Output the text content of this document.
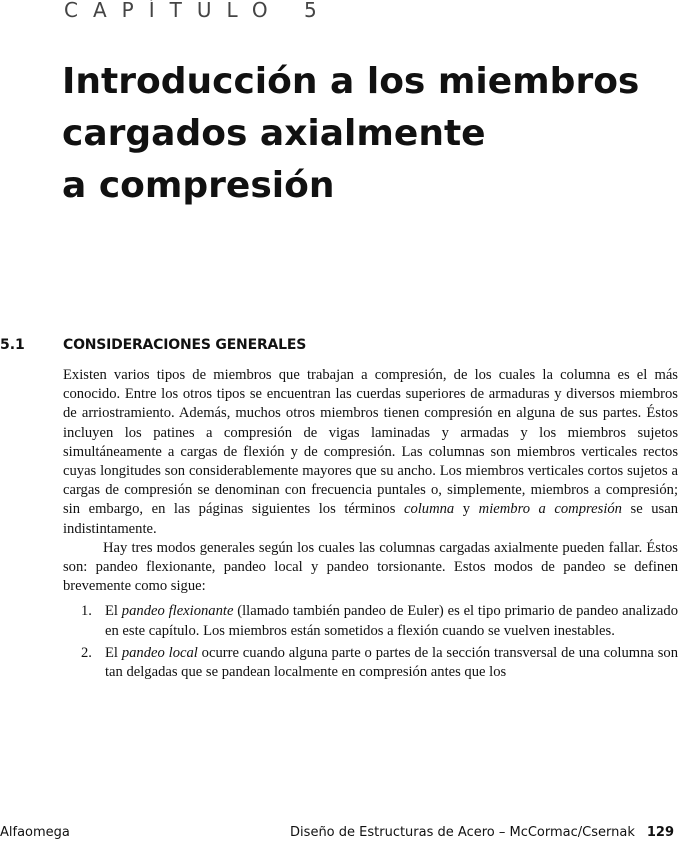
CAPÍTULO 5
Introducción a los miembros
cargados axialmente
a compresión
5.1	CONSIDERACIONES GENERALES

Existen varios tipos de miembros que trabajan a compresión, de los cuales la columna es el más conocido. Entre los otros tipos se encuentran las cuerdas superiores de armaduras y diversos miembros de arriostramiento. Además, muchos otros miembros tienen compresión en alguna de sus partes. Éstos incluyen los patines a compresión de vigas laminadas y armadas y los miembros sujetos simultáneamente a cargas de flexión y de compresión. Las columnas son miembros verticales rectos cuyas longitudes son considerablemente mayores que su ancho. Los miembros verticales cortos sujetos a cargas de compresión se denominan con frecuencia puntales o, simplemente, miembros a compresión; sin embargo, en las páginas siguientes los términos columna y miembro a compresión se usan indistintamente.

Hay tres modos generales según los cuales las columnas cargadas axialmente pueden fallar. Éstos son: pandeo flexionante, pandeo local y pandeo torsionante. Estos modos de pandeo se definen brevemente como sigue:

1. El pandeo flexionante (llamado también pandeo de Euler) es el tipo primario de pandeo analizado en este capítulo. Los miembros están sometidos a flexión cuando se vuelven inestables.
2. El pandeo local ocurre cuando alguna parte o partes de la sección transversal de una columna son tan delgadas que se pandean localmente en compresión antes que los
Alfaomega	Diseño de Estructuras de Acero – McCormac/Csernak 129
